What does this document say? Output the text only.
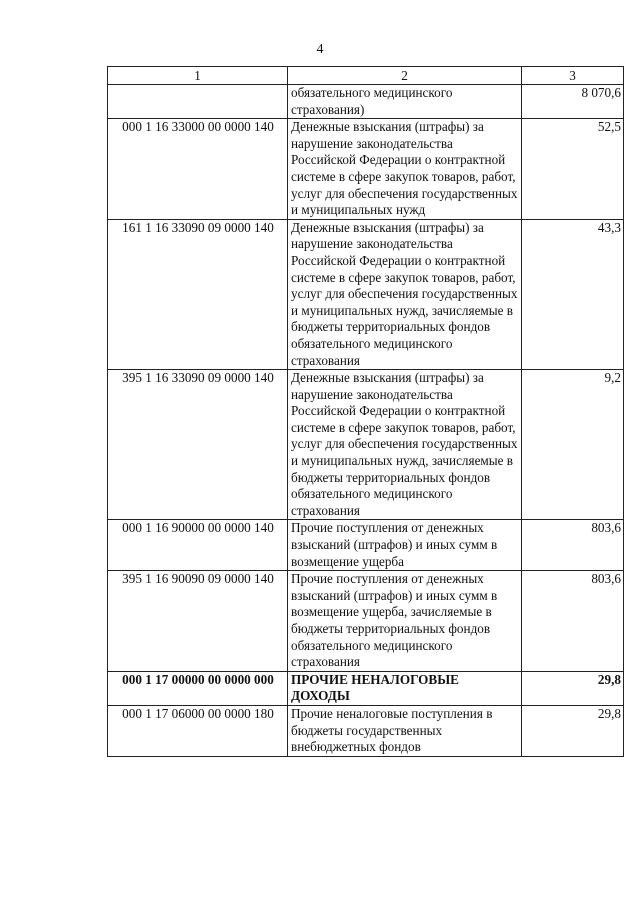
4
1	2	3
	обязательного медицинского страхования)	8 070,6
000 1 16 33000 00 0000 140	Денежные взыскания (штрафы) за нарушение законодательства Российской Федерации о контрактной системе в сфере закупок товаров, работ, услуг для обеспечения государственных и муниципальных нужд	52,5
161 1 16 33090 09 0000 140	Денежные взыскания (штрафы) за нарушение законодательства Российской Федерации о контрактной системе в сфере закупок товаров, работ, услуг для обеспечения государственных и муниципальных нужд, зачисляемые в бюджеты территориальных фондов обязательного медицинского страхования	43,3
395 1 16 33090 09 0000 140	Денежные взыскания (штрафы) за нарушение законодательства Российской Федерации о контрактной системе в сфере закупок товаров, работ, услуг для обеспечения государственных и муниципальных нужд, зачисляемые в бюджеты территориальных фондов обязательного медицинского страхования	9,2
000 1 16 90000 00 0000 140	Прочие поступления от денежных взысканий (штрафов) и иных сумм в возмещение ущерба	803,6
395 1 16 90090 09 0000 140	Прочие поступления от денежных взысканий (штрафов) и иных сумм в возмещение ущерба, зачисляемые в бюджеты территориальных фондов обязательного медицинского страхования	803,6
000 1 17 00000 00 0000 000	ПРОЧИЕ НЕНАЛОГОВЫЕ ДОХОДЫ	29,8
000 1 17 06000 00 0000 180	Прочие неналоговые поступления в бюджеты государственных внебюджетных фондов	29,8
